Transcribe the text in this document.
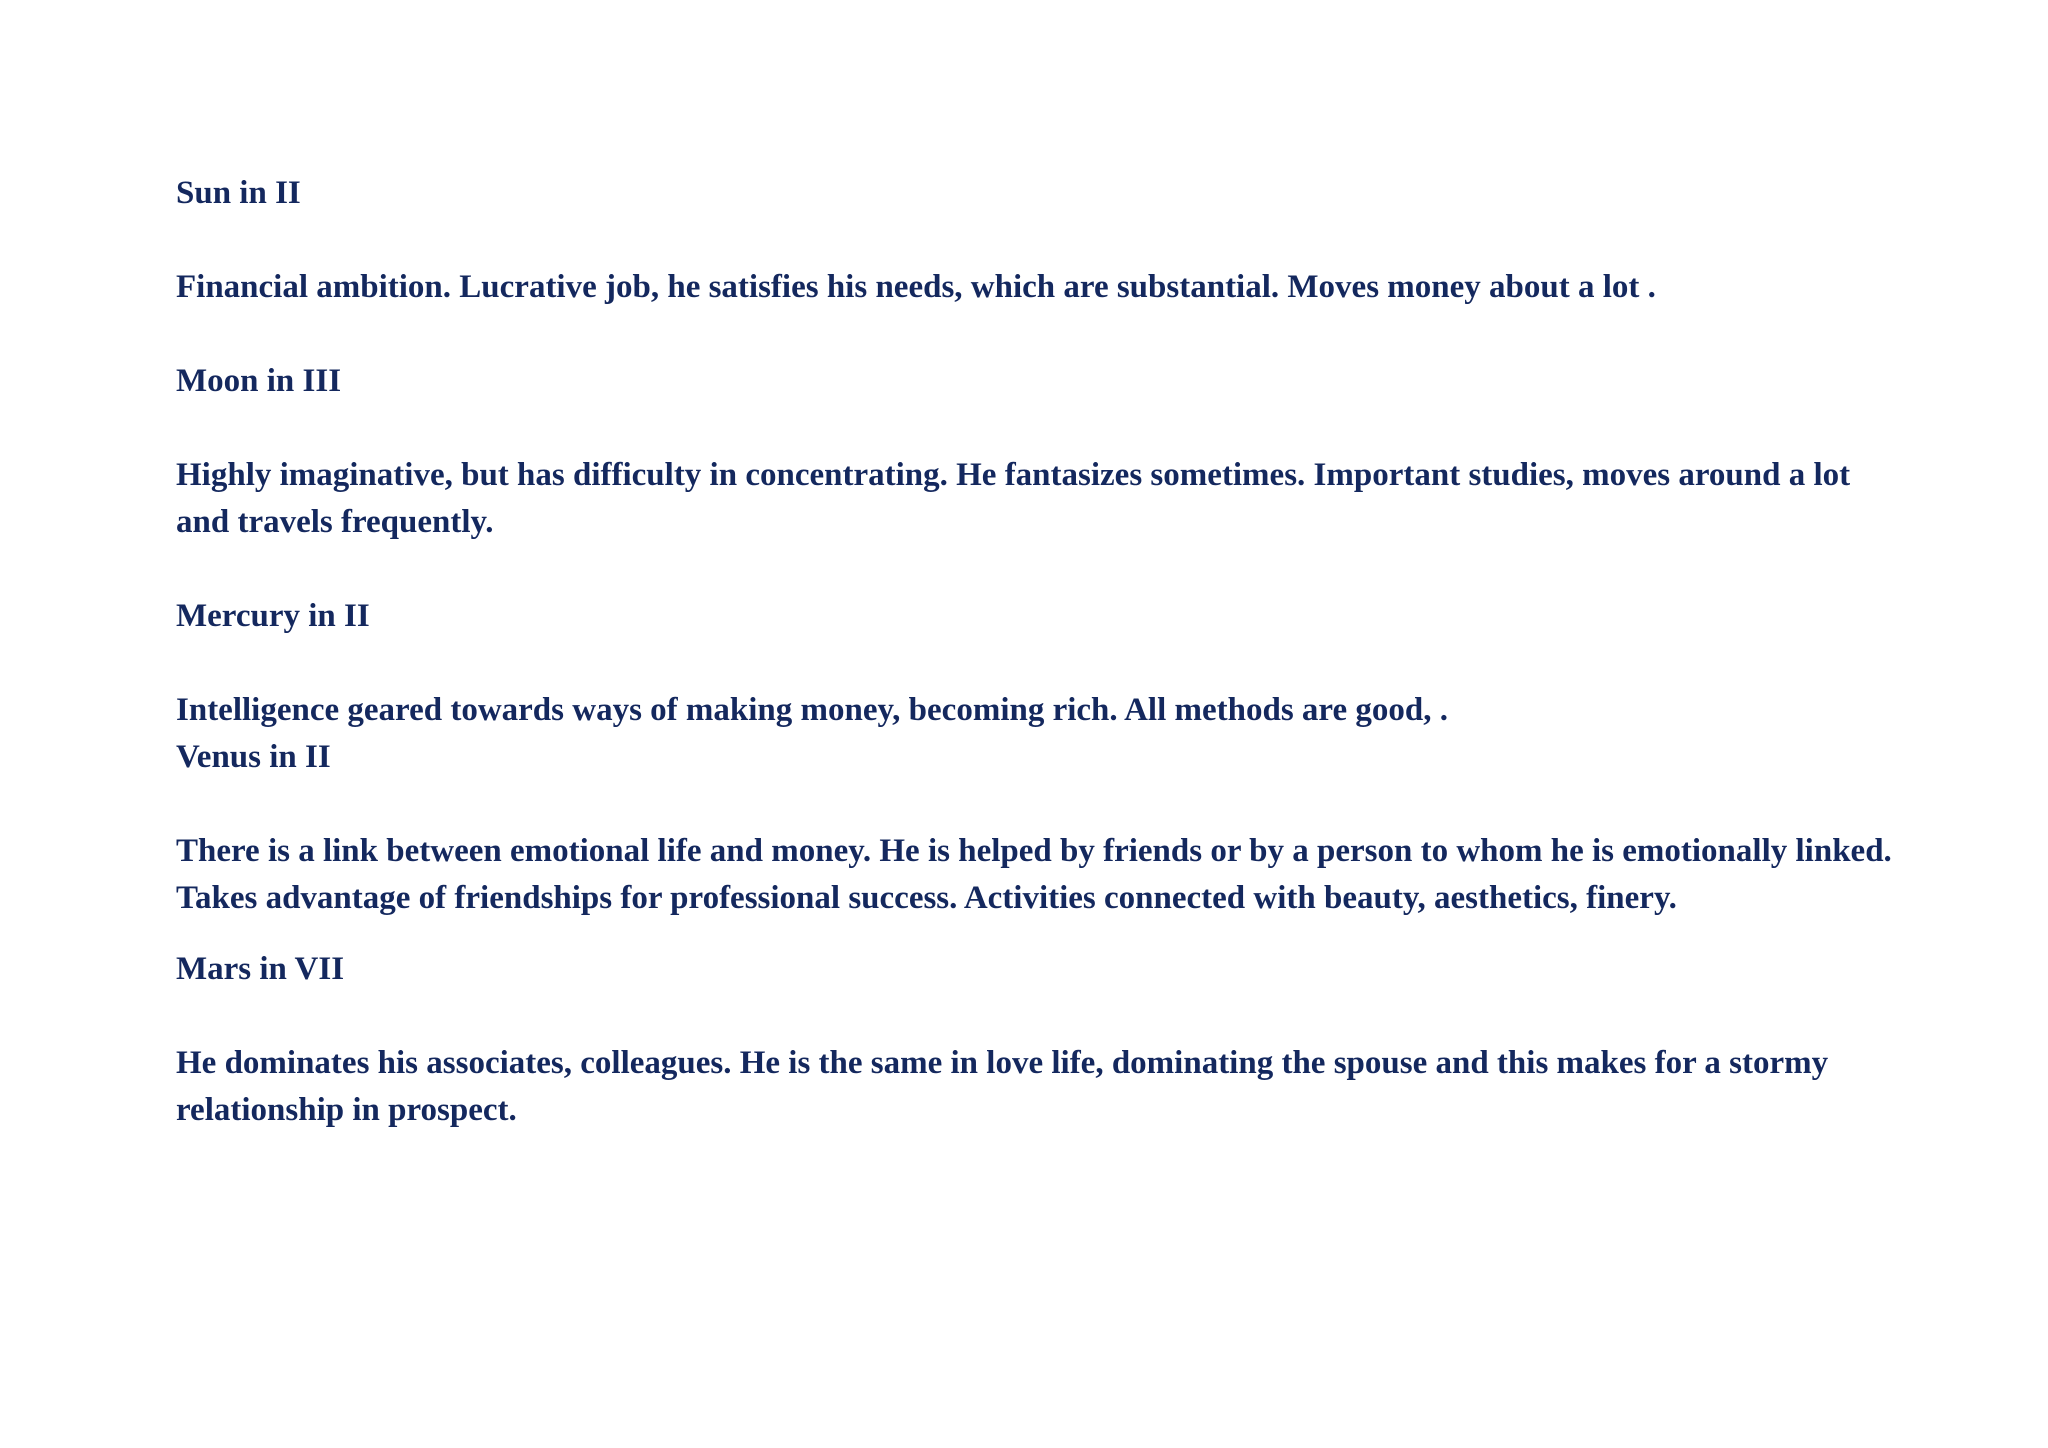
Sun in II

Financial ambition. Lucrative job, he satisfies his needs, which are substantial. Moves money about a lot .

Moon in III

Highly imaginative, but has difficulty in concentrating. He fantasizes sometimes. Important studies, moves around a lot and travels frequently.

Mercury in II

Intelligence geared towards ways of making money, becoming rich. All methods are good, .

Venus in II

There is a link between emotional life and money. He is helped by friends or by a person to whom he is emotionally linked. Takes advantage of friendships for professional success. Activities connected with beauty, aesthetics, finery.

Mars in VII

He dominates his associates, colleagues. He is the same in love life, dominating the spouse and this makes for a stormy relationship in prospect.
